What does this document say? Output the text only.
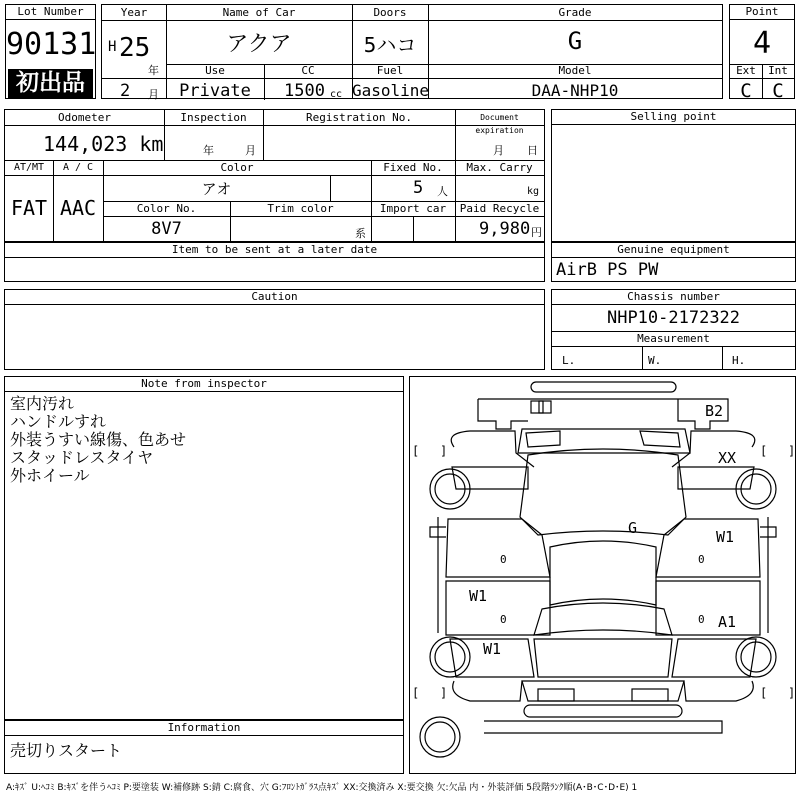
Lot Number
90131
初出品
Year
H 25
年
2 月
Name of Car
アクア
Use
Private
CC
1500 cc
Doors
5ハコ
Fuel
Gasoline
Grade
G
Model
DAA-NHP10
Point
4
Ext	Int
C	C
Odometer
144,023 km
Inspection
年	月
Registration No.	Document expiration
月 日
AT/MT
FAT
A / C
AAC
Color
アオ
Fixed No.
5 人
Max. Carry
kg
Color No.
8V7
Trim color
系
Import car	Paid Recycle
9,980 円
Item to be sent at a later date
Selling point
Genuine equipment
AirB PS PW
Caution	Chassis number
NHP10-2172322
Measurement
L.	W.	H.
Note from inspector
室内汚れ
ハンドルすれ
外装うすい線傷、色あせ
スタッドレスタイヤ
外ホイール
Information
売切りスタート
[ ]	[ ]
[ ]	[ ]
B2
XX
G	W1
W1
A1
W1
0	0
0	0
A:ｷｽﾞ U:ﾍｺﾐ B:ｷｽﾞを伴うﾍｺﾐ P:要塗装 W:補修跡 S:錆 C:腐食、穴 G:ﾌﾛﾝﾄｶﾞﾗｽ点ｷｽﾞ XX:交換済み X:要交換 欠:欠品 内・外装評価 5段階ﾗﾝｸ順(A･B･C･D･E) 1
